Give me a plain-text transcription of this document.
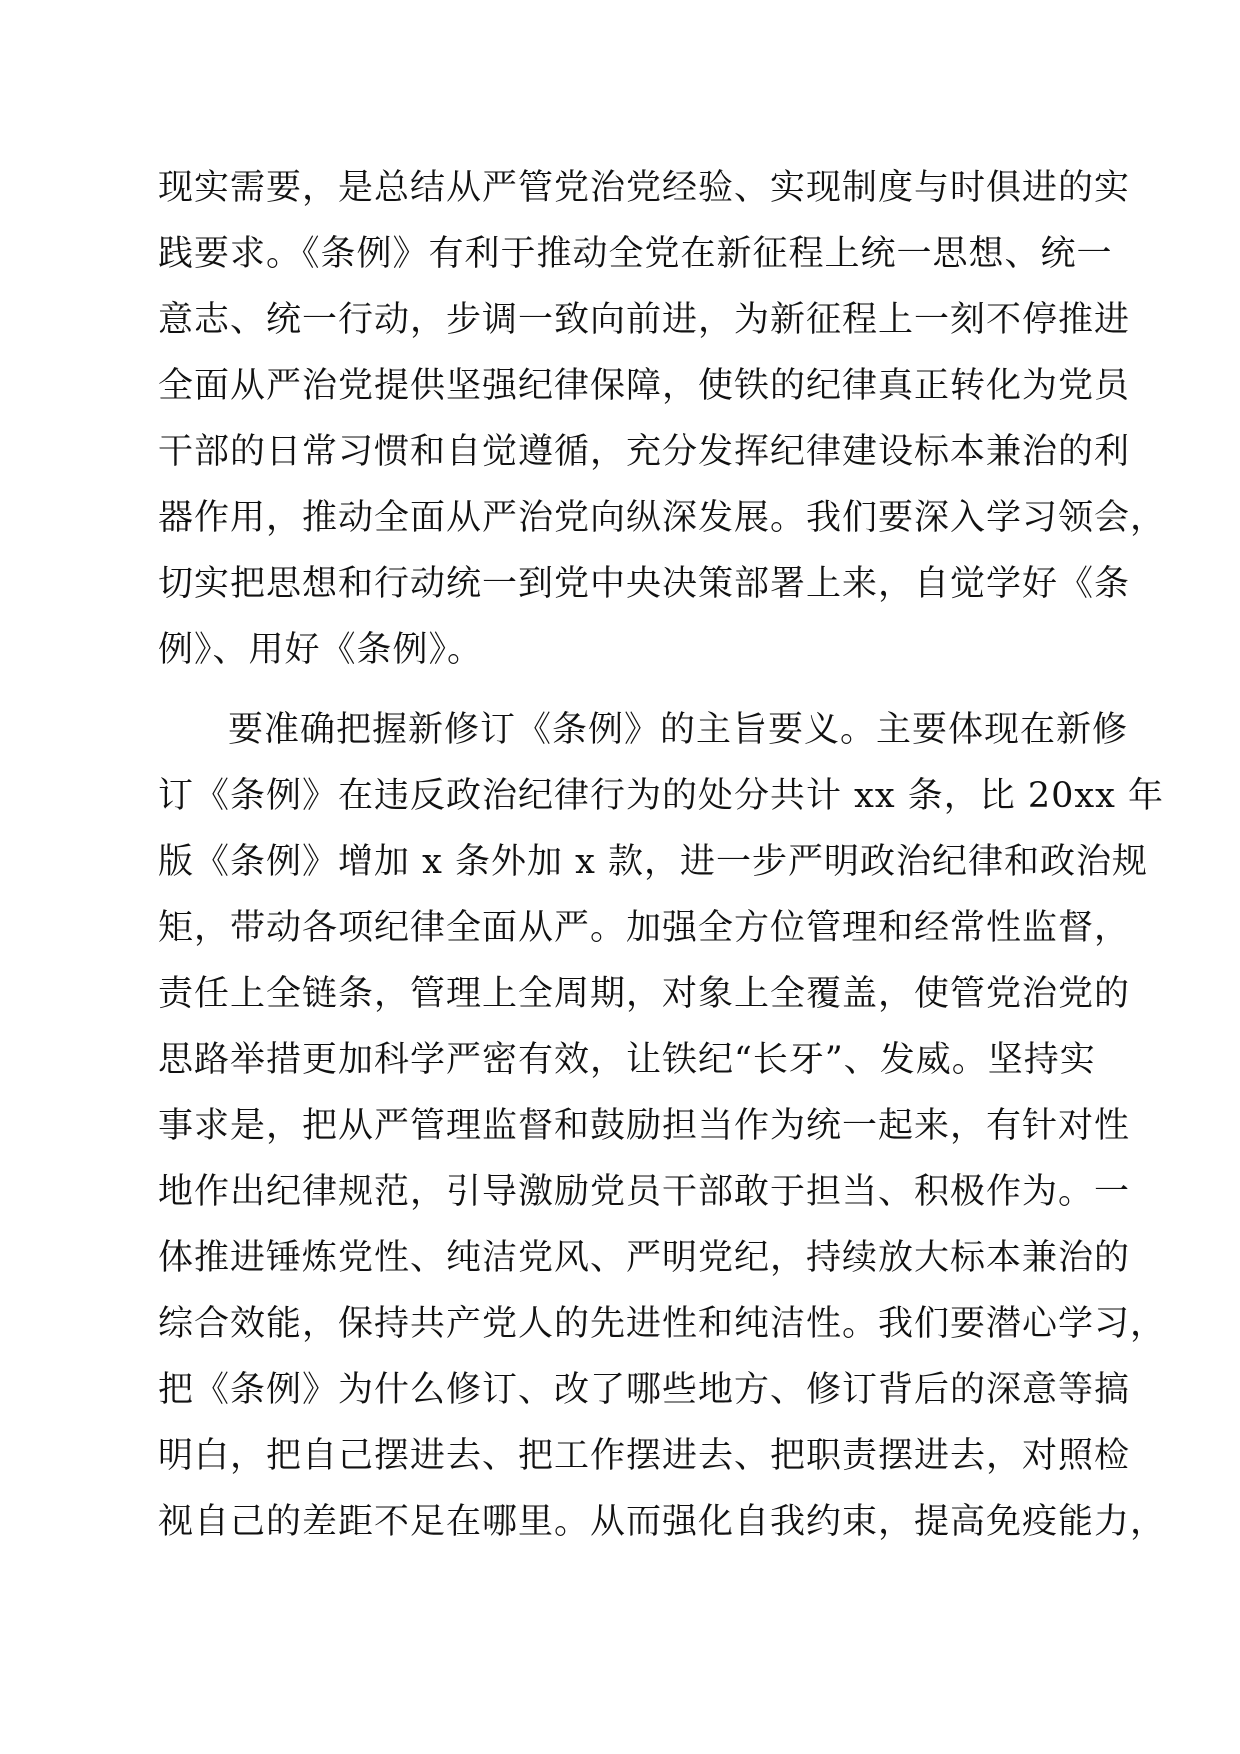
现实需要，是总结从严管党治党经验、实现制度与时俱进的实
践要求。《条例》有利于推动全党在新征程上统一思想、统一
意志、统一行动，步调一致向前进，为新征程上一刻不停推进
全面从严治党提供坚强纪律保障，使铁的纪律真正转化为党员
干部的日常习惯和自觉遵循，充分发挥纪律建设标本兼治的利
器作用，推动全面从严治党向纵深发展。我们要深入学习领会，
切实把思想和行动统一到党中央决策部署上来，自觉学好《条
例》、用好《条例》。
要准确把握新修订《条例》的主旨要义。主要体现在新修
订《条例》在违反政治纪律行为的处分共计 xx 条，比 20xx 年
版《条例》增加 x 条外加 x 款，进一步严明政治纪律和政治规
矩，带动各项纪律全面从严。加强全方位管理和经常性监督，
责任上全链条，管理上全周期，对象上全覆盖，使管党治党的
思路举措更加科学严密有效，让铁纪“长牙”、发威。坚持实
事求是，把从严管理监督和鼓励担当作为统一起来，有针对性
地作出纪律规范，引导激励党员干部敢于担当、积极作为。一
体推进锤炼党性、纯洁党风、严明党纪，持续放大标本兼治的
综合效能，保持共产党人的先进性和纯洁性。我们要潜心学习，
把《条例》为什么修订、改了哪些地方、修订背后的深意等搞
明白，把自己摆进去、把工作摆进去、把职责摆进去，对照检
视自己的差距不足在哪里。从而强化自我约束，提高免疫能力，
